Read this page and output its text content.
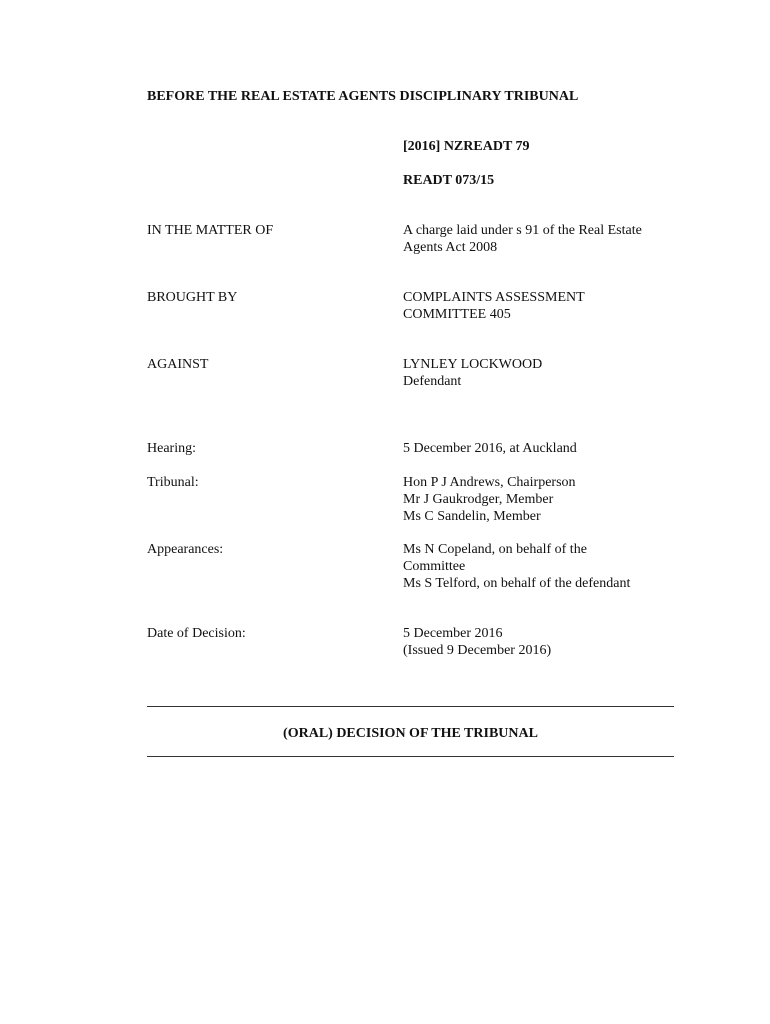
BEFORE THE REAL ESTATE AGENTS DISCIPLINARY TRIBUNAL
[2016] NZREADT 79
READT 073/15
IN THE MATTER OF	A charge laid under s 91 of the Real Estate
Agents Act 2008
BROUGHT BY	COMPLAINTS ASSESSMENT
COMMITTEE 405
AGAINST	LYNLEY LOCKWOOD
Defendant
Hearing:	5 December 2016, at Auckland
Tribunal:	Hon P J Andrews, Chairperson
Mr J Gaukrodger, Member
Ms C Sandelin, Member
Appearances:	Ms N Copeland, on behalf of the
Committee
Ms S Telford, on behalf of the defendant
Date of Decision:	5 December 2016
(Issued 9 December 2016)
(ORAL) DECISION OF THE TRIBUNAL
